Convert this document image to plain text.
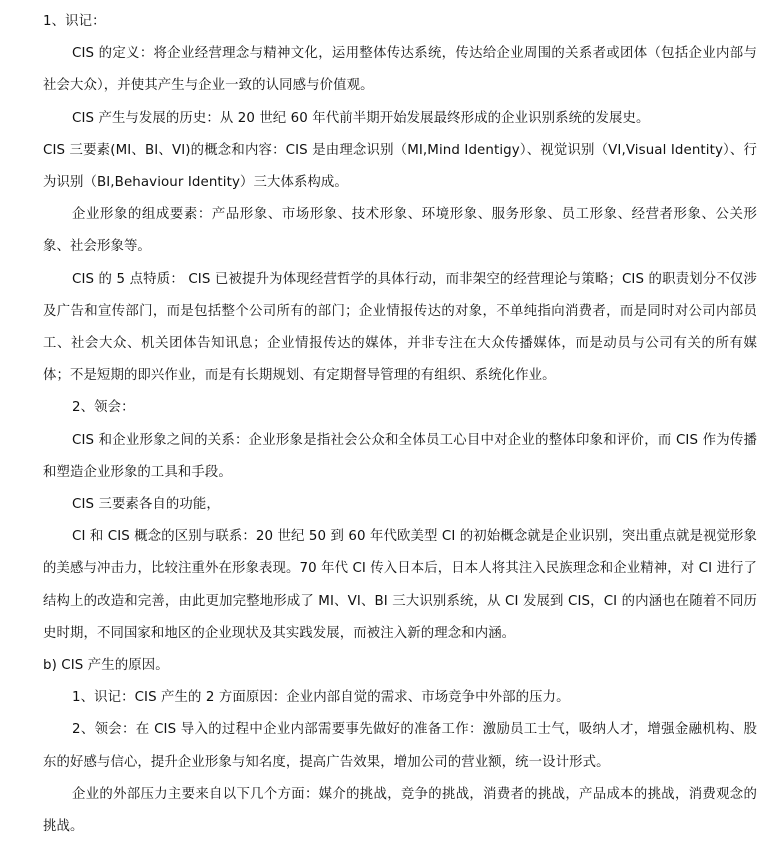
1、识记：

CIS 的定义：将企业经营理念与精神文化，运用整体传达系统，传达给企业周围的关系者或团体（包括企业内部与社会大众），并使其产生与企业一致的认同感与价值观。

CIS 产生与发展的历史：从 20 世纪 60 年代前半期开始发展最终形成的企业识别系统的发展史。

CIS 三要素(MI、BI、VI)的概念和内容：CIS 是由理念识别（MI,Mind Identigy）、视觉识别（VI,Visual Identity）、行为识别（BI,Behaviour Identity）三大体系构成。

企业形象的组成要素：产品形象、市场形象、技术形象、环境形象、服务形象、员工形象、经营者形象、公关形象、社会形象等。

CIS 的 5 点特质： CIS 已被提升为体现经营哲学的具体行动，而非架空的经营理论与策略；CIS 的职责划分不仅涉及广告和宣传部门，而是包括整个公司所有的部门；企业情报传达的对象，不单纯指向消费者，而是同时对公司内部员工、社会大众、机关团体告知讯息；企业情报传达的媒体，并非专注在大众传播媒体，而是动员与公司有关的所有媒体；不是短期的即兴作业，而是有长期规划、有定期督导管理的有组织、系统化作业。

2、领会：

CIS 和企业形象之间的关系：企业形象是指社会公众和全体员工心目中对企业的整体印象和评价，而 CIS 作为传播和塑造企业形象的工具和手段。

CIS 三要素各自的功能，

CI 和 CIS 概念的区别与联系：20 世纪 50 到 60 年代欧美型 CI 的初始概念就是企业识别，突出重点就是视觉形象的美感与冲击力，比较注重外在形象表现。70 年代 CI 传入日本后，日本人将其注入民族理念和企业精神，对 CI 进行了结构上的改造和完善，由此更加完整地形成了 MI、VI、BI 三大识别系统，从 CI 发展到 CIS，CI 的内涵也在随着不同历史时期，不同国家和地区的企业现状及其实践发展，而被注入新的理念和内涵。

b) CIS 产生的原因。

1、识记：CIS 产生的 2 方面原因：企业内部自觉的需求、市场竞争中外部的压力。

2、领会：在 CIS 导入的过程中企业内部需要事先做好的准备工作：激励员工士气，吸纳人才，增强金融机构、股东的好感与信心，提升企业形象与知名度，提高广告效果，增加公司的营业额，统一设计形式。

企业的外部压力主要来自以下几个方面：媒介的挑战，竞争的挑战，消费者的挑战，产品成本的挑战，消费观念的挑战。
